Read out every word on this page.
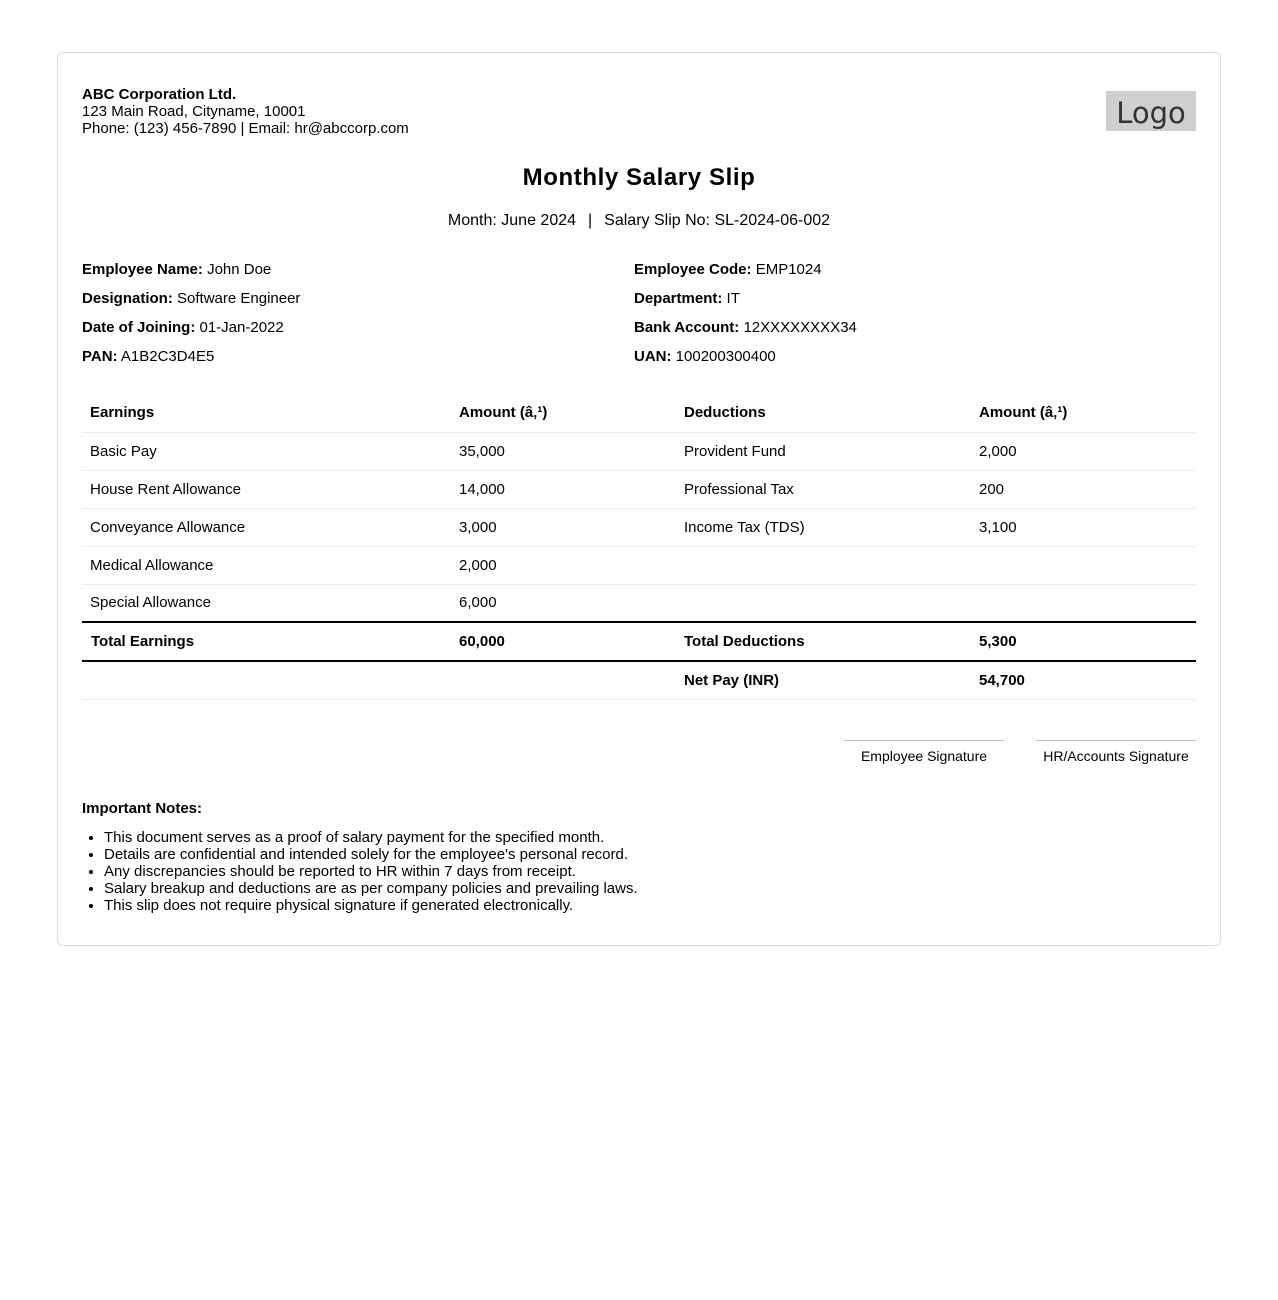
ABC Corporation Ltd.
123 Main Road, Cityname, 10001
Phone: (123) 456-7890 | Email: hr@abccorp.com	Logo
Monthly Salary Slip
Month: June 2024 | Salary Slip No: SL-2024-06-002
Employee Name: John Doe
Designation: Software Engineer
Date of Joining: 01-Jan-2022
PAN: A1B2C3D4E5
Employee Code: EMP1024
Department: IT
Bank Account: 12XXXXXXXX34
UAN: 100200300400
Earnings	Amount (â‚¹)	Deductions	Amount (â‚¹)
Basic Pay	35,000	Provident Fund	2,000
House Rent Allowance	14,000	Professional Tax	200
Conveyance Allowance	3,000	Income Tax (TDS)	3,100
Medical Allowance	2,000		
Special Allowance	6,000		
Total Earnings	60,000	Total Deductions	5,300
		Net Pay (INR)	54,700
Employee Signature	HR/Accounts Signature
Important Notes:
• This document serves as a proof of salary payment for the specified month.
• Details are confidential and intended solely for the employee's personal record.
• Any discrepancies should be reported to HR within 7 days from receipt.
• Salary breakup and deductions are as per company policies and prevailing laws.
• This slip does not require physical signature if generated electronically.
